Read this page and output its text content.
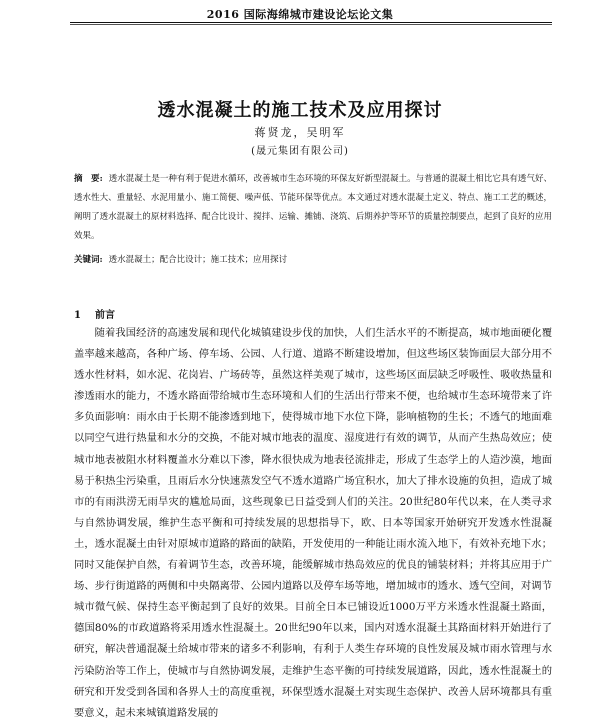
2016 国际海绵城市建设论坛论文集
透水混凝土的施工技术及应用探讨
蒋贤龙，吴明军
(晟元集团有限公司)
摘　要: 透水混凝土是一种有利于促进水循环，改善城市生态环境的环保友好新型混凝土。与普通的混凝土相比它具有透气好、透水性大、重量轻、水泥用量小、施工简便、噪声低、节能环保等优点。本文通过对透水混凝土定义、特点、施工工艺的概述，阐明了透水混凝土的原材料选择、配合比设计、搅拌、运输、摊铺、浇筑、后期养护等环节的质量控制要点，起到了良好的应用效果。
关键词: 透水混凝土；配合比设计；施工技术；应用探讨
1 前言
随着我国经济的高速发展和现代化城镇建设步伐的加快，人们生活水平的不断提高，城市地面硬化覆盖率越来越高，各种广场、停车场、公园、人行道、道路不断建设增加，但这些场区装饰面层大部分用不透水性材料，如水泥、花岗岩、广场砖等，虽然这样美观了城市，这些场区面层缺乏呼吸性、吸收热量和渗透雨水的能力，不透水路面带给城市生态环境和人们的生活出行带来不便，也给城市生态环境带来了许多负面影响：雨水由于长期不能渗透到地下，使得城市地下水位下降，影响植物的生长；不透气的地面难以同空气进行热量和水分的交换，不能对城市地表的温度、湿度进行有效的调节，从而产生热岛效应；使城市地表被阻水材料覆盖水分难以下渗，降水很快成为地表径流排走，形成了生态学上的人造沙漠，地面易于积热尘污染重，且雨后水分快速蒸发空气不透水道路广场宜积水，加大了排水设施的负担，造成了城市的有雨洪涝无雨旱灾的尴尬局面，这些现象已日益受到人们的关注。20世纪80年代以来，在人类寻求与自然协调发展，维护生态平衡和可持续发展的思想指导下，欧、日本等国家开始研究开发透水性混凝土，透水混凝土由针对原城市道路的路面的缺陷，开发使用的一种能让雨水流入地下，有效补充地下水；同时又能保护自然，有着调节生态，改善环境，能缓解城市热岛效应的优良的铺装材料；并将其应用于广场、步行街道路的两侧和中央隔离带、公园内道路以及停车场等地，增加城市的透水、透气空间，对调节城市微气候、保持生态平衡起到了良好的效果。目前全日本已铺设近1000万平方米透水性混凝土路面，德国80%的市政道路将采用透水性混凝土。20世纪90年以来，国内对透水混凝土其路面材料开始进行了研究，解决普通混凝土给城市带来的诸多不利影响，有利于人类生存环境的良性发展及城市雨水管理与水污染防治等工作上，使城市与自然协调发展，走维护生态平衡的可持续发展道路，因此，透水性混凝土的研究和开发受到各国和各界人士的高度重视，环保型透水混凝土对实现生态保护、改善人居环境都具有重要意义，起未来城镇道路发展的
